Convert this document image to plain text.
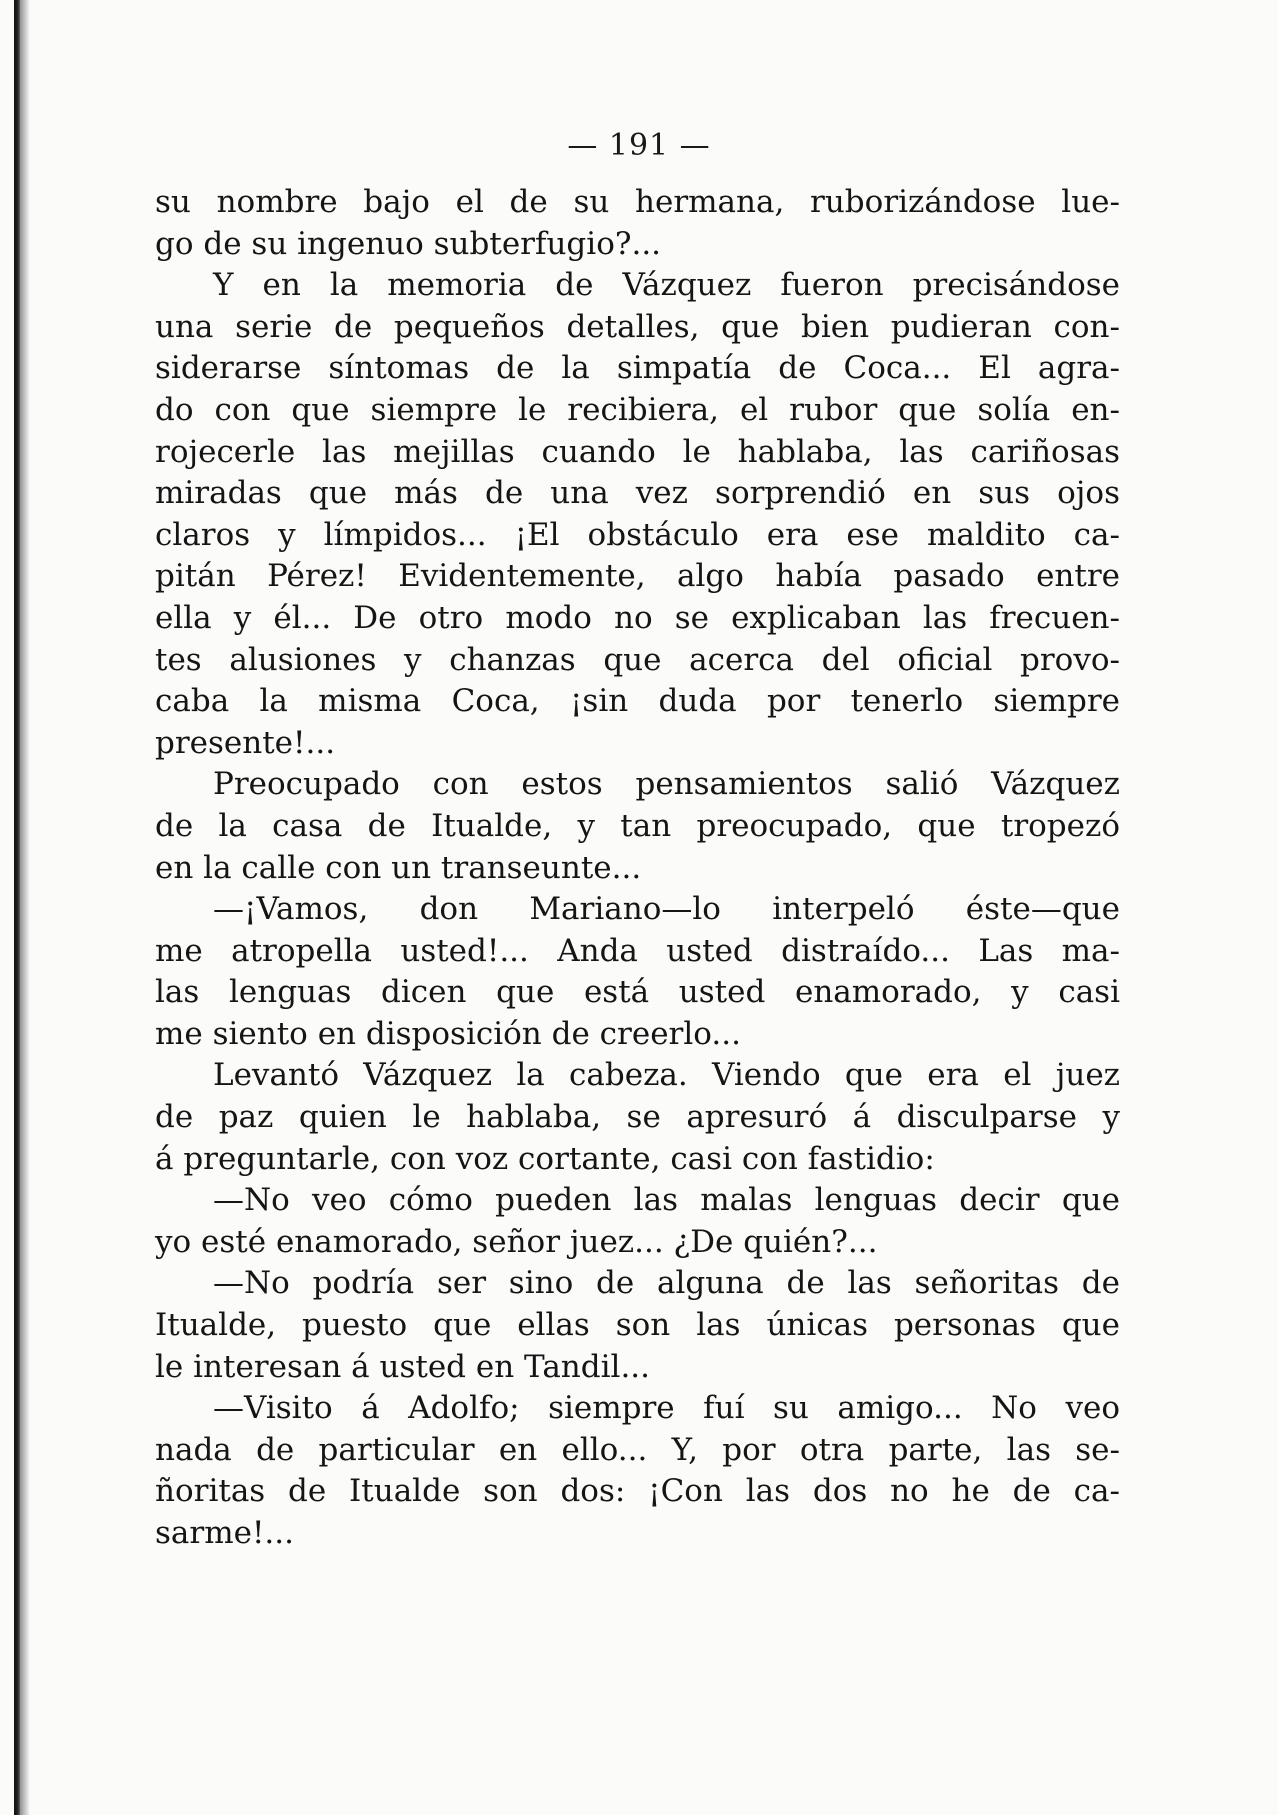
— 191 —
su nombre bajo el de su hermana, ruborizándose lue-
go de su ingenuo subterfugio?...
Y en la memoria de Vázquez fueron precisándose
una serie de pequeños detalles, que bien pudieran con-
siderarse síntomas de la simpatía de Coca... El agra-
do con que siempre le recibiera, el rubor que solía en-
rojecerle las mejillas cuando le hablaba, las cariñosas
miradas que más de una vez sorprendió en sus ojos
claros y límpidos... ¡El obstáculo era ese maldito ca-
pitán Pérez! Evidentemente, algo había pasado entre
ella y él... De otro modo no se explicaban las frecuen-
tes alusiones y chanzas que acerca del oficial provo-
caba la misma Coca, ¡sin duda por tenerlo siempre
presente!...
Preocupado con estos pensamientos salió Vázquez
de la casa de Itualde, y tan preocupado, que tropezó
en la calle con un transeunte...
—¡Vamos, don Mariano—lo interpeló éste—que
me atropella usted!... Anda usted distraído... Las ma-
las lenguas dicen que está usted enamorado, y casi
me siento en disposición de creerlo...
Levantó Vázquez la cabeza. Viendo que era el juez
de paz quien le hablaba, se apresuró á disculparse y
á preguntarle, con voz cortante, casi con fastidio:
—No veo cómo pueden las malas lenguas decir que
yo esté enamorado, señor juez... ¿De quién?...
—No podría ser sino de alguna de las señoritas de
Itualde, puesto que ellas son las únicas personas que
le interesan á usted en Tandil...
—Visito á Adolfo; siempre fuí su amigo... No veo
nada de particular en ello... Y, por otra parte, las se-
ñoritas de Itualde son dos: ¡Con las dos no he de ca-
sarme!...
